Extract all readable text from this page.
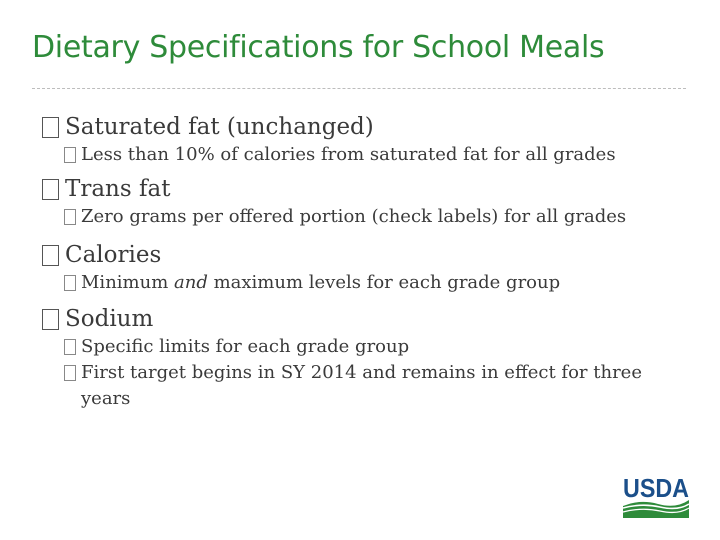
Dietary Specifications for School Meals
Saturated fat (unchanged)
Less than 10% of calories from saturated fat for all grades
Trans fat
Zero grams per offered portion (check labels) for all grades
Calories
Minimum and maximum levels for each grade group
Sodium
Specific limits for each grade group
First target begins in SY 2014 and remains in effect for three years
USDA
